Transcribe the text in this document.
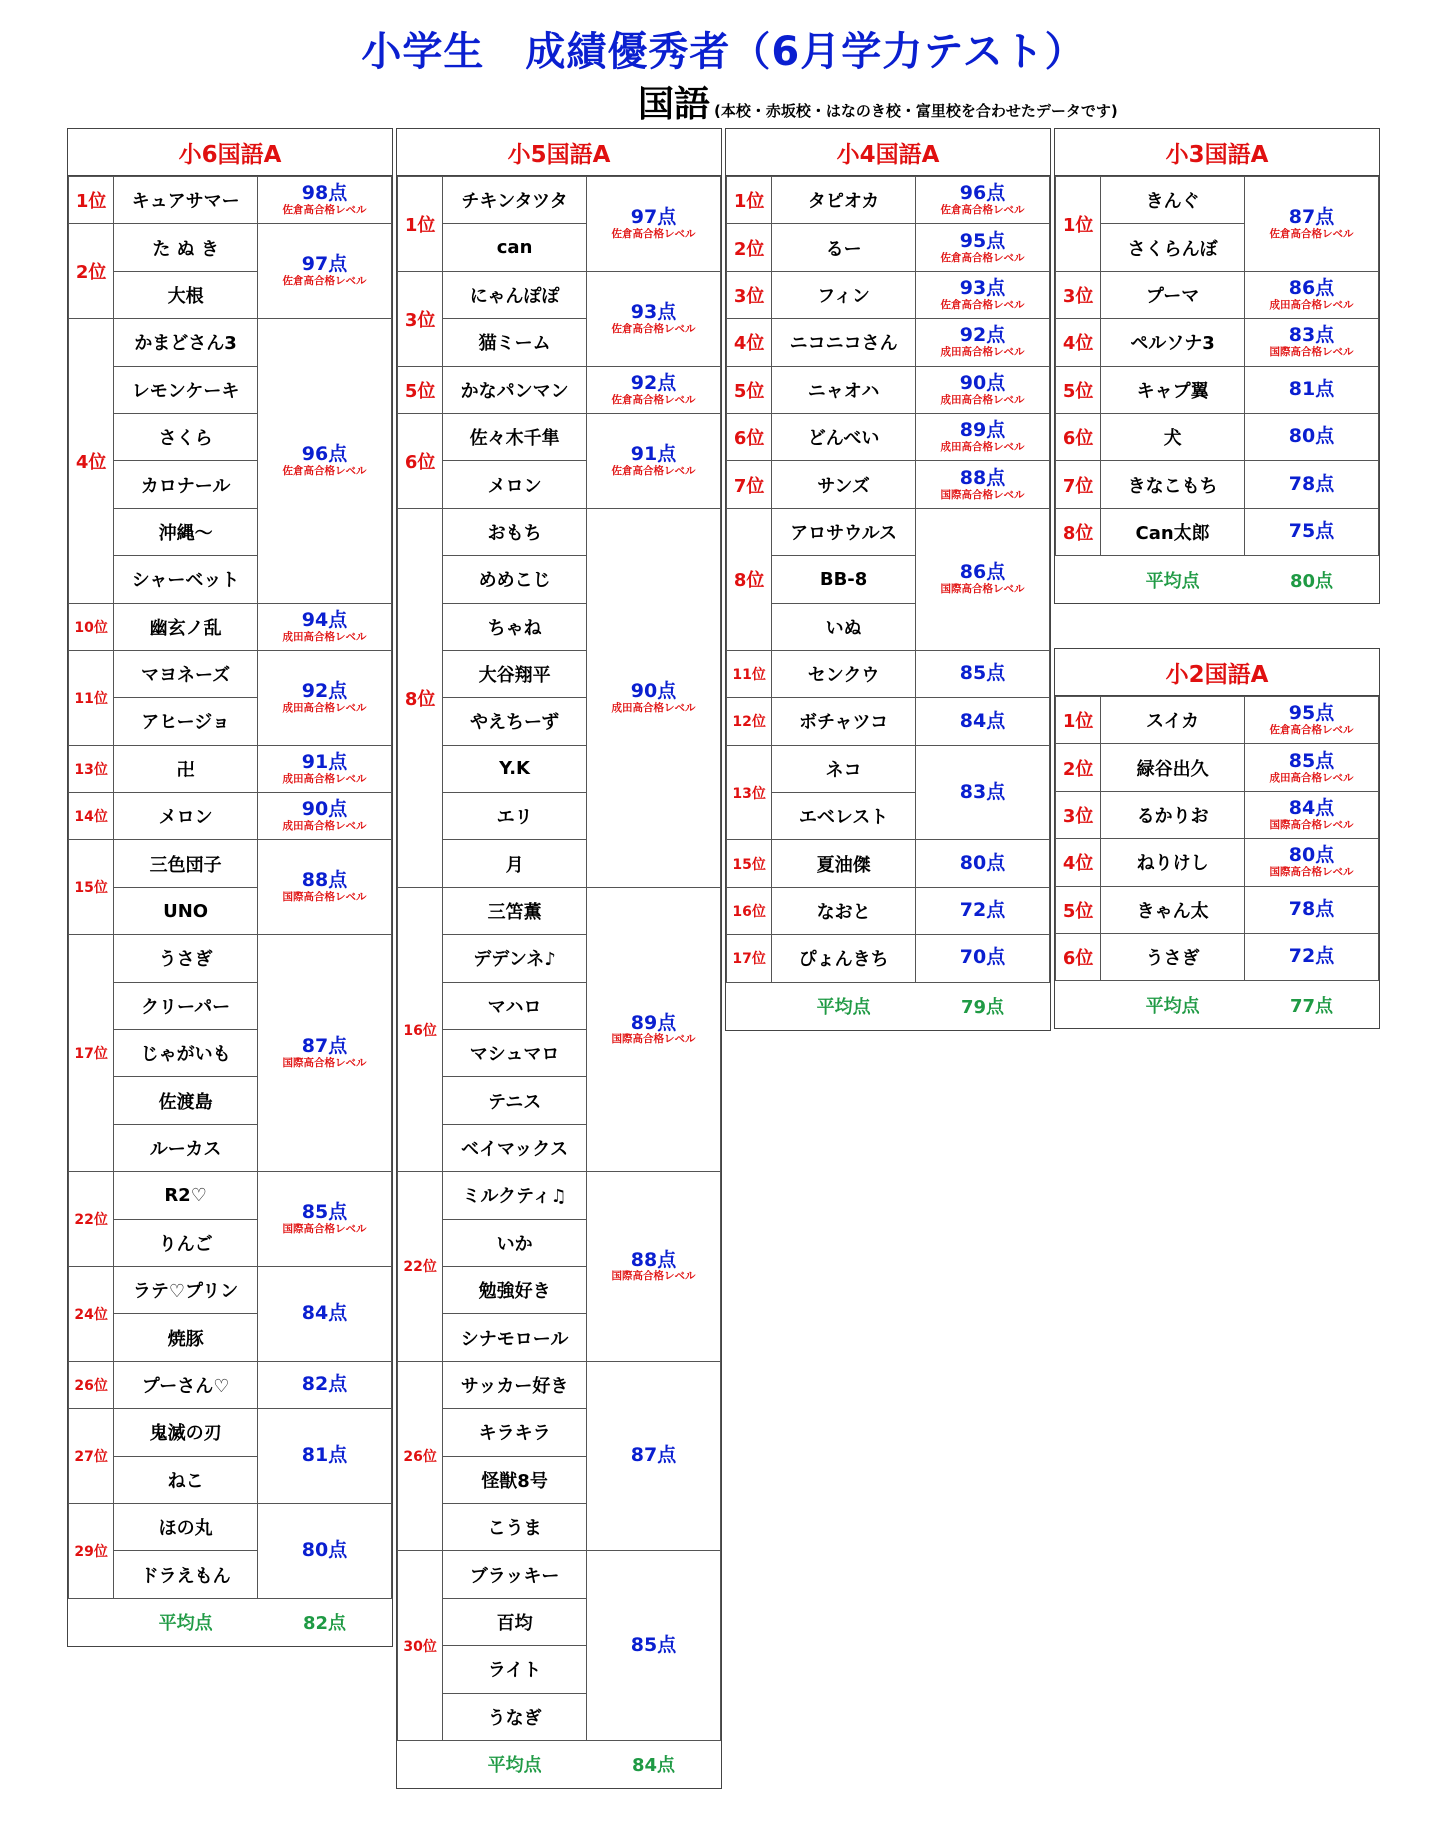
小学生　成績優秀者（6月学力テスト）
国語 (本校・赤坂校・はなのき校・富里校を合わせたデータです)
小6国語A
1位	キュアサマー	98点
佐倉高合格レベル

2位	た ぬ き	97点
佐倉高合格レベル

	大根	
4位	かまどさん3	96点
佐倉高合格レベル

	レモンケーキ	
	さくら	
	カロナール	
	沖縄～	
	シャーベット	
10位	幽玄ノ乱	94点
成田高合格レベル

11位	マヨネーズ	92点
成田高合格レベル

	アヒージョ	
13位	卍	91点
成田高合格レベル

14位	メロン	90点
成田高合格レベル

15位	三色団子	88点
国際高合格レベル

	UNO	
17位	うさぎ	87点
国際高合格レベル

	クリーパー	
	じゃがいも	
	佐渡島	
	ルーカス	
22位	R2♡	85点
国際高合格レベル

	りんご	
24位	ラテ♡プリン	84点
	焼豚	
26位	プーさん♡	82点
27位	鬼滅の刃	81点
	ねこ	
29位	ほの丸	80点
	ドラえもん	
	平均点	82点
小5国語A
1位	チキンタツタ	97点
佐倉高合格レベル

	can	
3位	にゃんぽぽ	93点
佐倉高合格レベル

	猫ミーム	
5位	かなパンマン	92点
佐倉高合格レベル

6位	佐々木千隼	91点
佐倉高合格レベル

	メロン	
8位	おもち	90点
成田高合格レベル

	めめこじ	
	ちゃね	
	大谷翔平	
	やえちーず	
	Y.K	
	エリ	
	月	
16位	三笘薫	89点
国際高合格レベル

	デデンネ♪	
	マハロ	
	マシュマロ	
	テニス	
	ベイマックス	
22位	ミルクティ♫	88点
国際高合格レベル

	いか	
	勉強好き	
	シナモロール	
26位	サッカー好き	87点
	キラキラ	
	怪獣8号	
	こうま	
30位	ブラッキー	85点
	百均	
	ライト	
	うなぎ	
	平均点	84点
小4国語A
1位	タピオカ	96点
佐倉高合格レベル

2位	るー	95点
佐倉高合格レベル

3位	フィン	93点
佐倉高合格レベル

4位	ニコニコさん	92点
成田高合格レベル

5位	ニャオハ	90点
成田高合格レベル

6位	どんべい	89点
成田高合格レベル

7位	サンズ	88点
国際高合格レベル

8位	アロサウルス	86点
国際高合格レベル

	BB-8	
	いぬ	
11位	センクウ	85点
12位	ボチャツコ	84点
13位	ネコ	83点
	エベレスト	
15位	夏油傑	80点
16位	なおと	72点
17位	ぴょんきち	70点
	平均点	79点
小3国語A
1位	きんぐ	87点
佐倉高合格レベル

	さくらんぼ	
3位	プーマ	86点
成田高合格レベル

4位	ペルソナ3	83点
国際高合格レベル

5位	キャプ翼	81点
6位	犬	80点
7位	きなこもち	78点
8位	Can太郎	75点
	平均点	80点
小2国語A
1位	スイカ	95点
佐倉高合格レベル

2位	緑谷出久	85点
成田高合格レベル

3位	るかりお	84点
国際高合格レベル

4位	ねりけし	80点
国際高合格レベル

5位	きゃん太	78点
6位	うさぎ	72点
	平均点	77点
